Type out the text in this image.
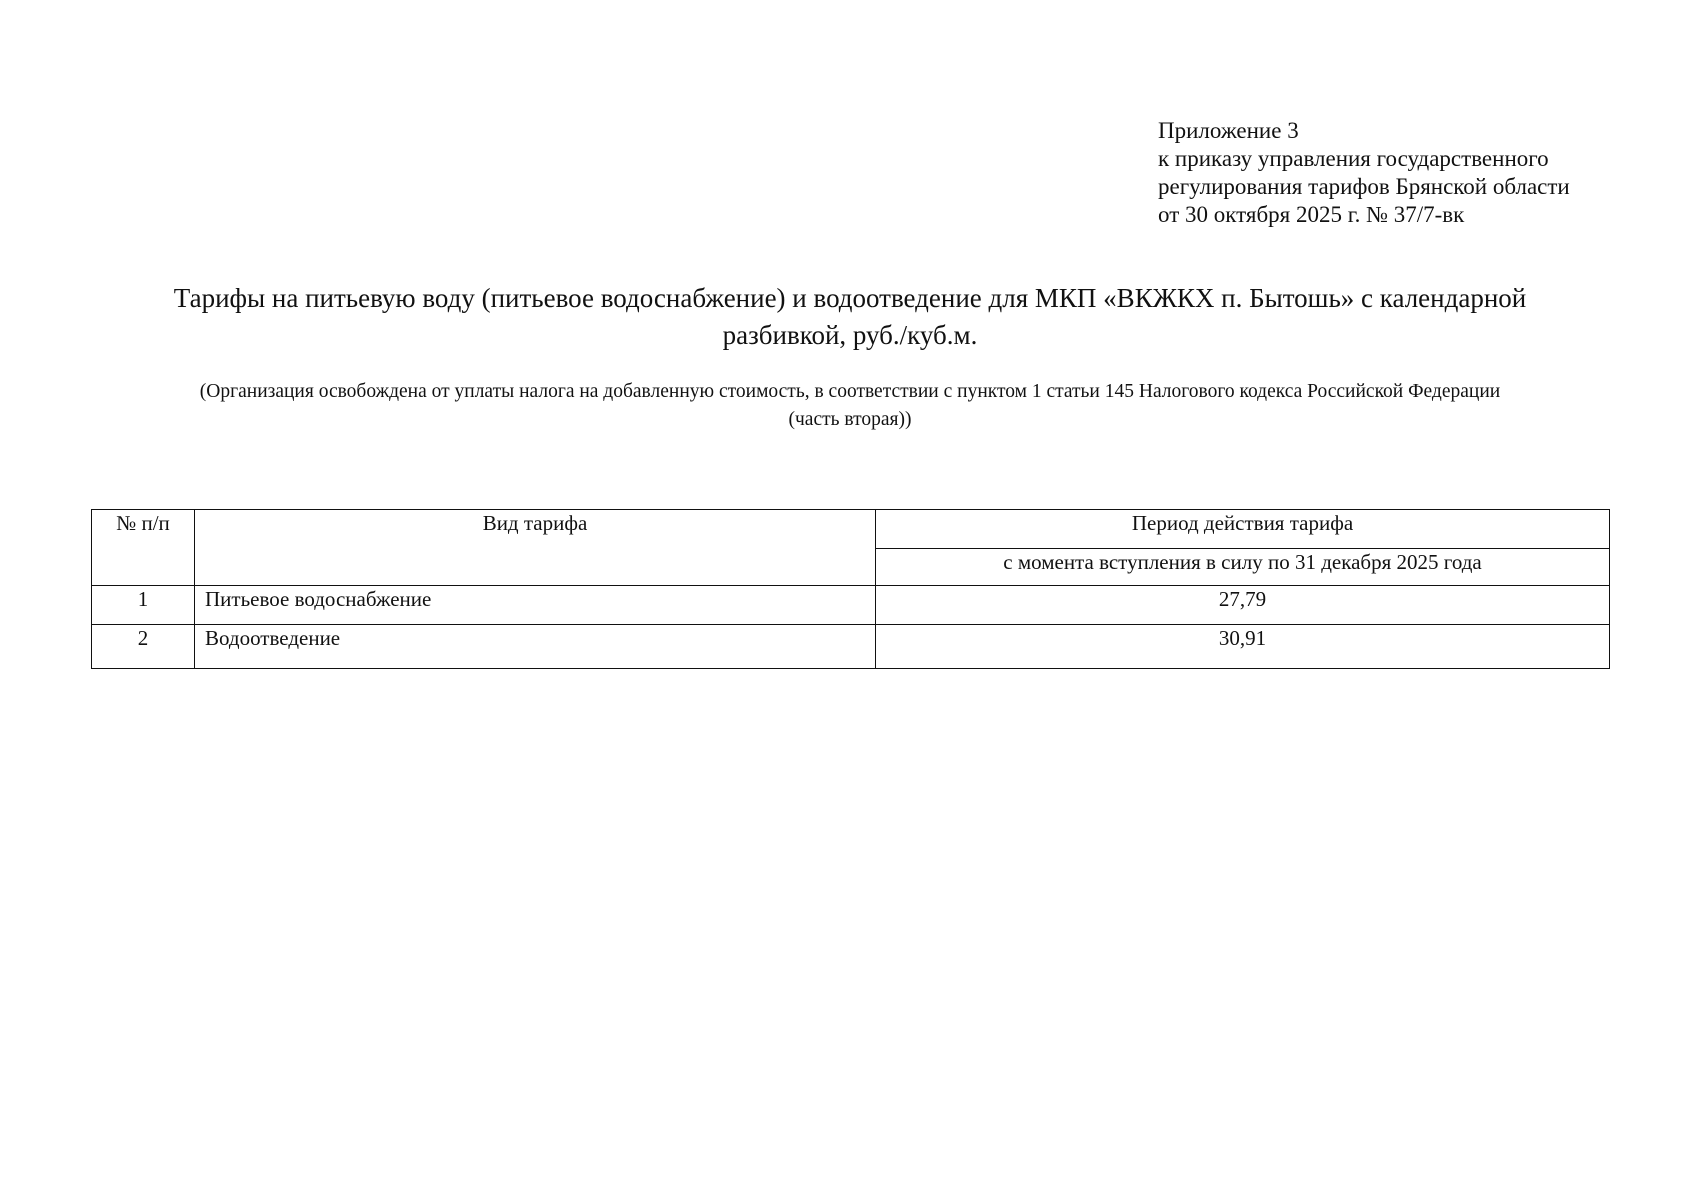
Приложение 3
к приказу управления государственного
регулирования тарифов Брянской области
от 30 октября 2025 г. № 37/7-вк
Тарифы на питьевую воду (питьевое водоснабжение) и водоотведение для МКП «ВКЖКХ п. Бытошь» с календарной
разбивкой, руб./куб.м.
(Организация освобождена от уплаты налога на добавленную стоимость, в соответствии с пунктом 1 статьи 145 Налогового кодекса Российской Федерации
(часть вторая))
№ п/п	Вид тарифа	Период действия тарифа
		с момента вступления в силу по 31 декабря 2025 года
1	Питьевое водоснабжение	27,79
2	Водоотведение	30,91
